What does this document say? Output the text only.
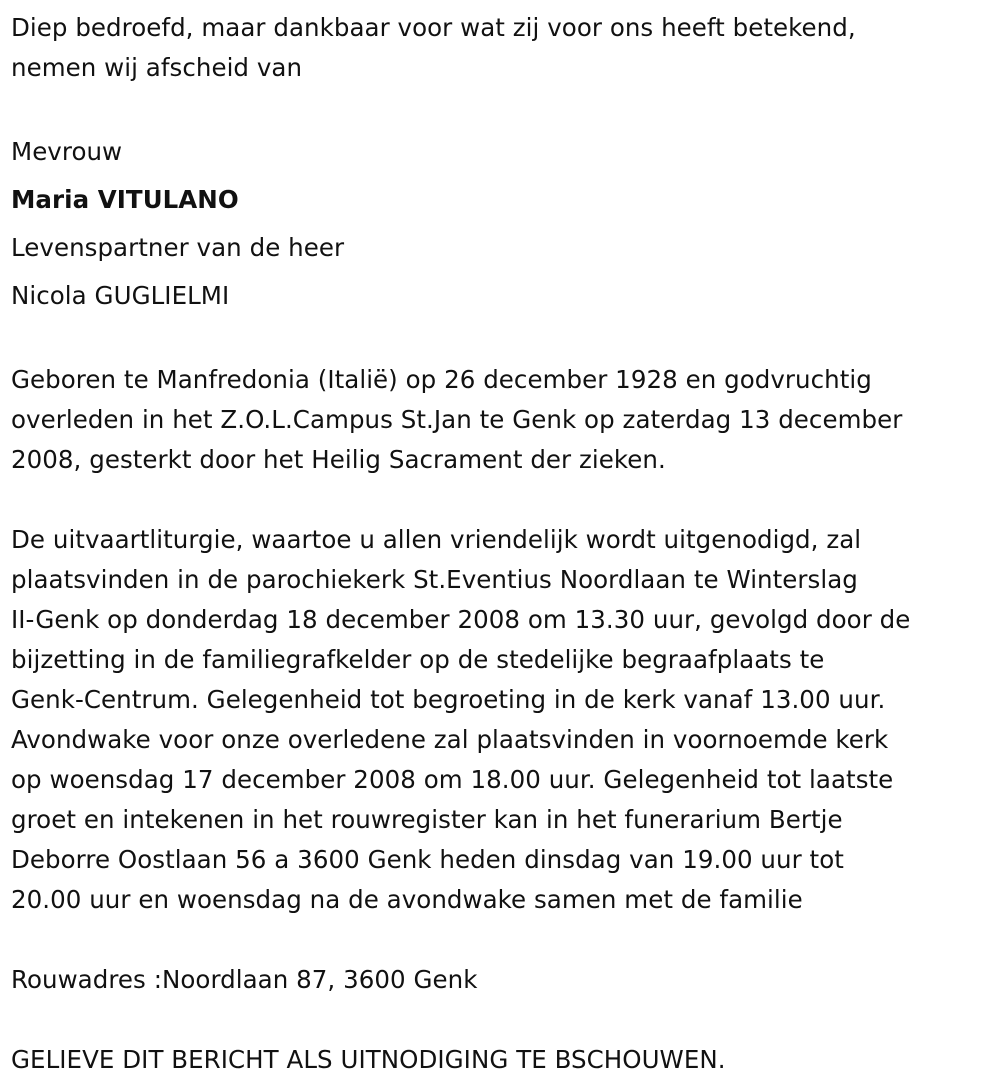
Diep bedroefd, maar dankbaar voor wat zij voor ons heeft betekend,

nemen wij afscheid van

Mevrouw

Maria VITULANO

Levenspartner van de heer

Nicola GUGLIELMI

Geboren te Manfredonia (Italië) op 26 december 1928 en godvruchtig

overleden in het Z.O.L.Campus St.Jan te Genk op zaterdag 13 december

2008, gesterkt door het Heilig Sacrament der zieken.

De uitvaartliturgie, waartoe u allen vriendelijk wordt uitgenodigd, zal

plaatsvinden in de parochiekerk St.Eventius Noordlaan te Winterslag

II-Genk op donderdag 18 december 2008 om 13.30 uur, gevolgd door de

bijzetting in de familiegrafkelder op de stedelijke begraafplaats te

Genk-Centrum. Gelegenheid tot begroeting in de kerk vanaf 13.00 uur.

Avondwake voor onze overledene zal plaatsvinden in voornoemde kerk

op woensdag 17 december 2008 om 18.00 uur. Gelegenheid tot laatste

groet en intekenen in het rouwregister kan in het funerarium Bertje

Deborre Oostlaan 56 a 3600 Genk heden dinsdag van 19.00 uur tot

20.00 uur en woensdag na de avondwake samen met de familie

Rouwadres :Noordlaan 87, 3600 Genk

GELIEVE DIT BERICHT ALS UITNODIGING TE BSCHOUWEN.
